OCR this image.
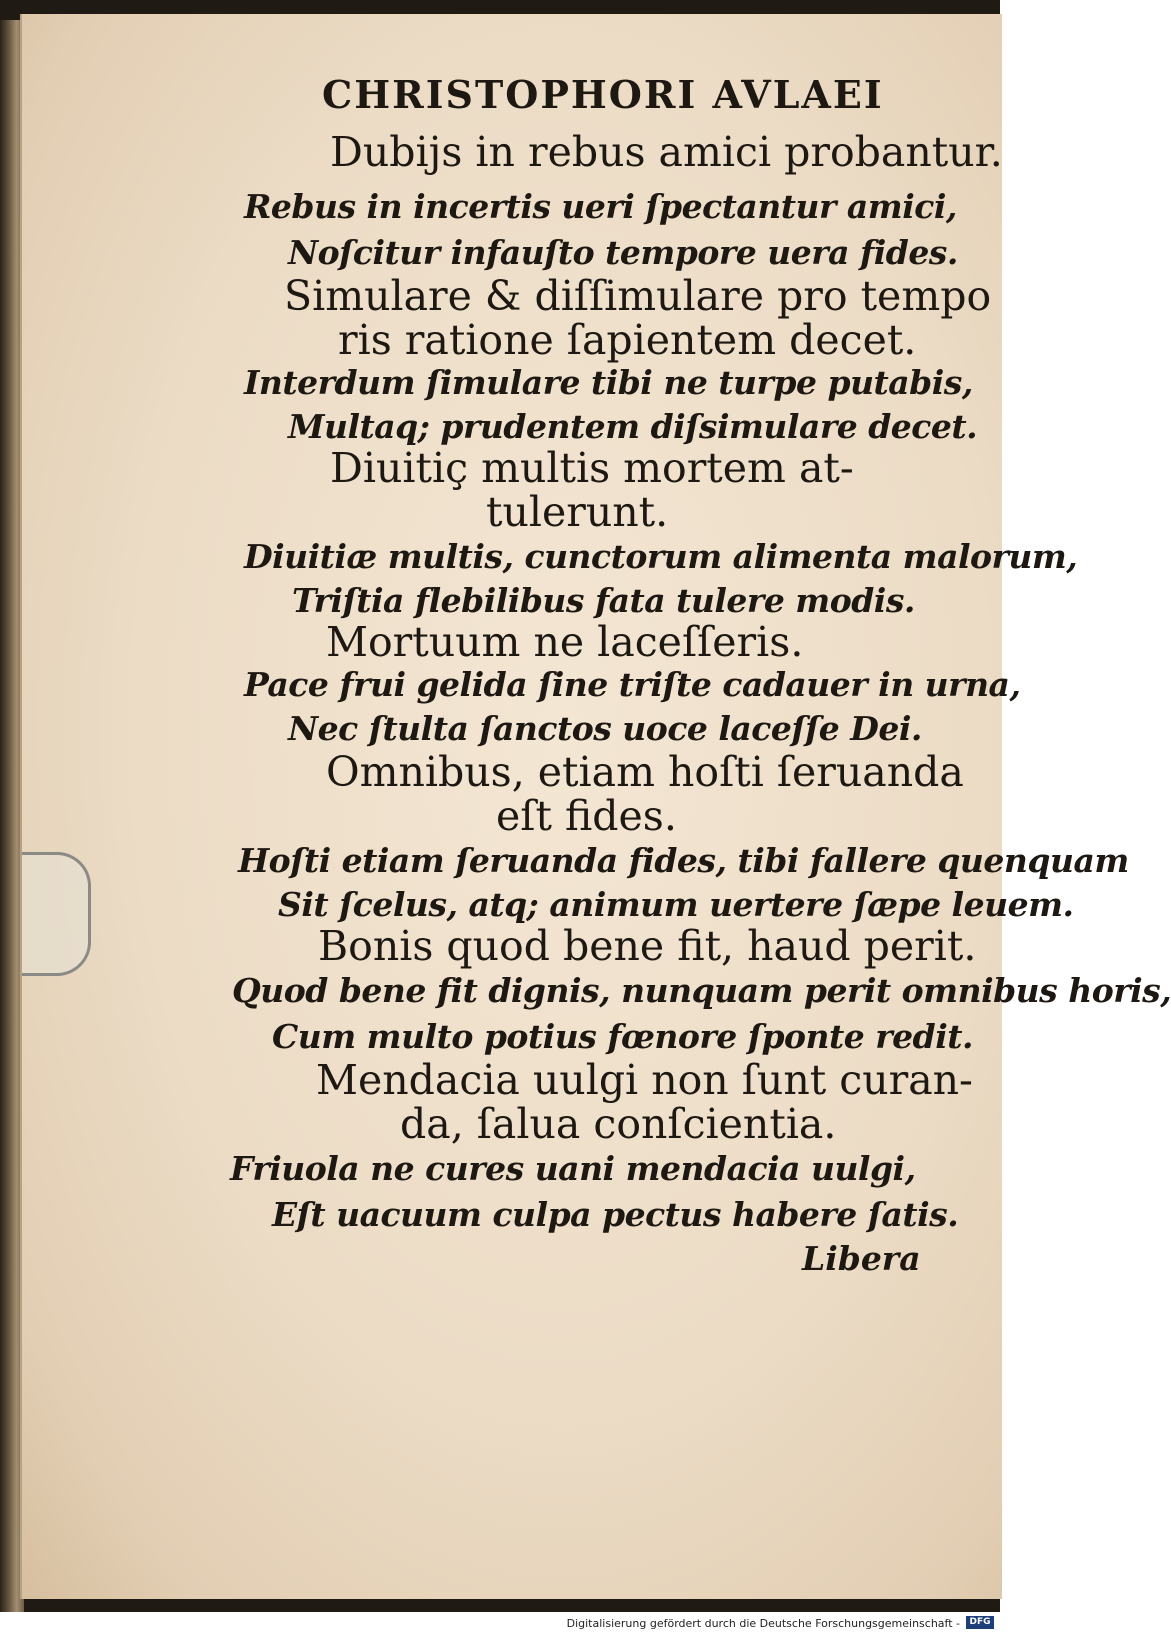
CHRISTOPHORI AVLAEI
Dubijs in rebus amici probantur.
Rebus in incertis ueri ſpectantur amici,
Noſcitur infauſto tempore uera fides.
Simulare & diſſimulare pro tempo
ris ratione ſapientem decet.
Interdum ſimulare tibi ne turpe putabis,
Multaq; prudentem diſsimulare decet.
Diuitiç multis mortem at-
tulerunt.
Diuitiæ multis, cunctorum alimenta malorum,
Triſtia flebilibus fata tulere modis.
Mortuum ne laceſſeris.
Pace frui gelida ſine triſte cadauer in urna,
Nec ſtulta ſanctos uoce laceſſe Dei.
Omnibus, etiam hoſti ſeruanda
eſt fides.
Hoſti etiam ſeruanda fides, tibi fallere quenquam
Sit ſcelus, atq; animum uertere ſæpe leuem.
Bonis quod bene fit, haud perit.
Quod bene fit dignis, nunquam perit omnibus horis,
Cum multo potius fœnore ſponte redit.
Mendacia uulgi non ſunt curan-
da, ſalua conſcientia.
Friuola ne cures uani mendacia uulgi,
Eſt uacuum culpa pectus habere ſatis.
Libera
Digitalisierung gefördert durch die Deutsche Forschungsgemeinschaft -	DFG
